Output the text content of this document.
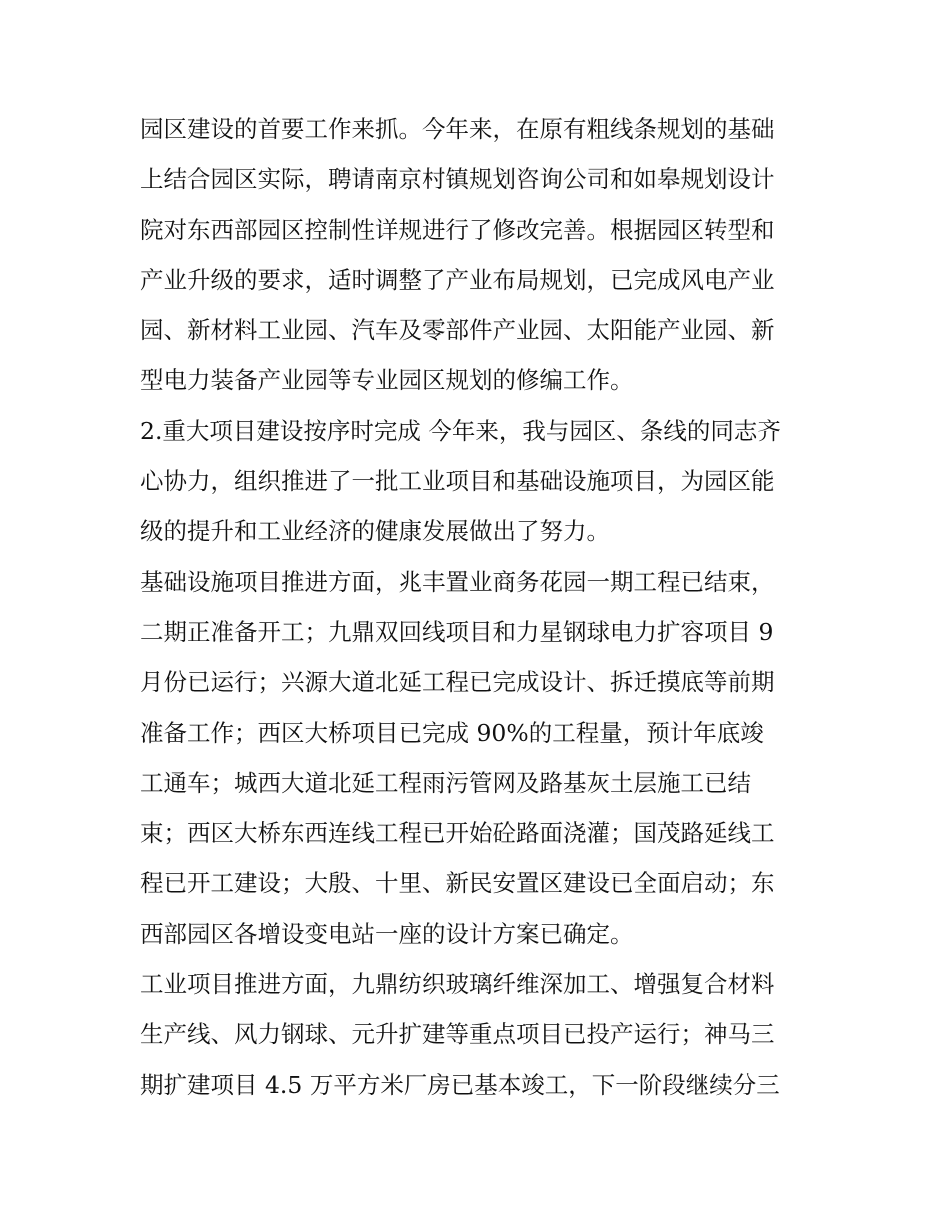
园区建设的首要工作来抓。今年来，在原有粗线条规划的基础
上结合园区实际，聘请南京村镇规划咨询公司和如皋规划设计
院对东西部园区控制性详规进行了修改完善。根据园区转型和
产业升级的要求，适时调整了产业布局规划，已完成风电产业
园、新材料工业园、汽车及零部件产业园、太阳能产业园、新
型电力装备产业园等专业园区规划的修编工作。
2.重大项目建设按序时完成 今年来，我与园区、条线的同志齐
心协力，组织推进了一批工业项目和基础设施项目，为园区能
级的提升和工业经济的健康发展做出了努力。
基础设施项目推进方面，兆丰置业商务花园一期工程已结束，
二期正准备开工；九鼎双回线项目和力星钢球电力扩容项目 9
月份已运行；兴源大道北延工程已完成设计、拆迁摸底等前期
准备工作；西区大桥项目已完成 90%的工程量，预计年底竣
工通车；城西大道北延工程雨污管网及路基灰土层施工已结
束；西区大桥东西连线工程已开始砼路面浇灌；国茂路延线工
程已开工建设；大殷、十里、新民安置区建设已全面启动；东
西部园区各增设变电站一座的设计方案已确定。
工业项目推进方面，九鼎纺织玻璃纤维深加工、增强复合材料
生产线、风力钢球、元升扩建等重点项目已投产运行；神马三
期扩建项目 4.5 万平方米厂房已基本竣工，下一阶段继续分三
